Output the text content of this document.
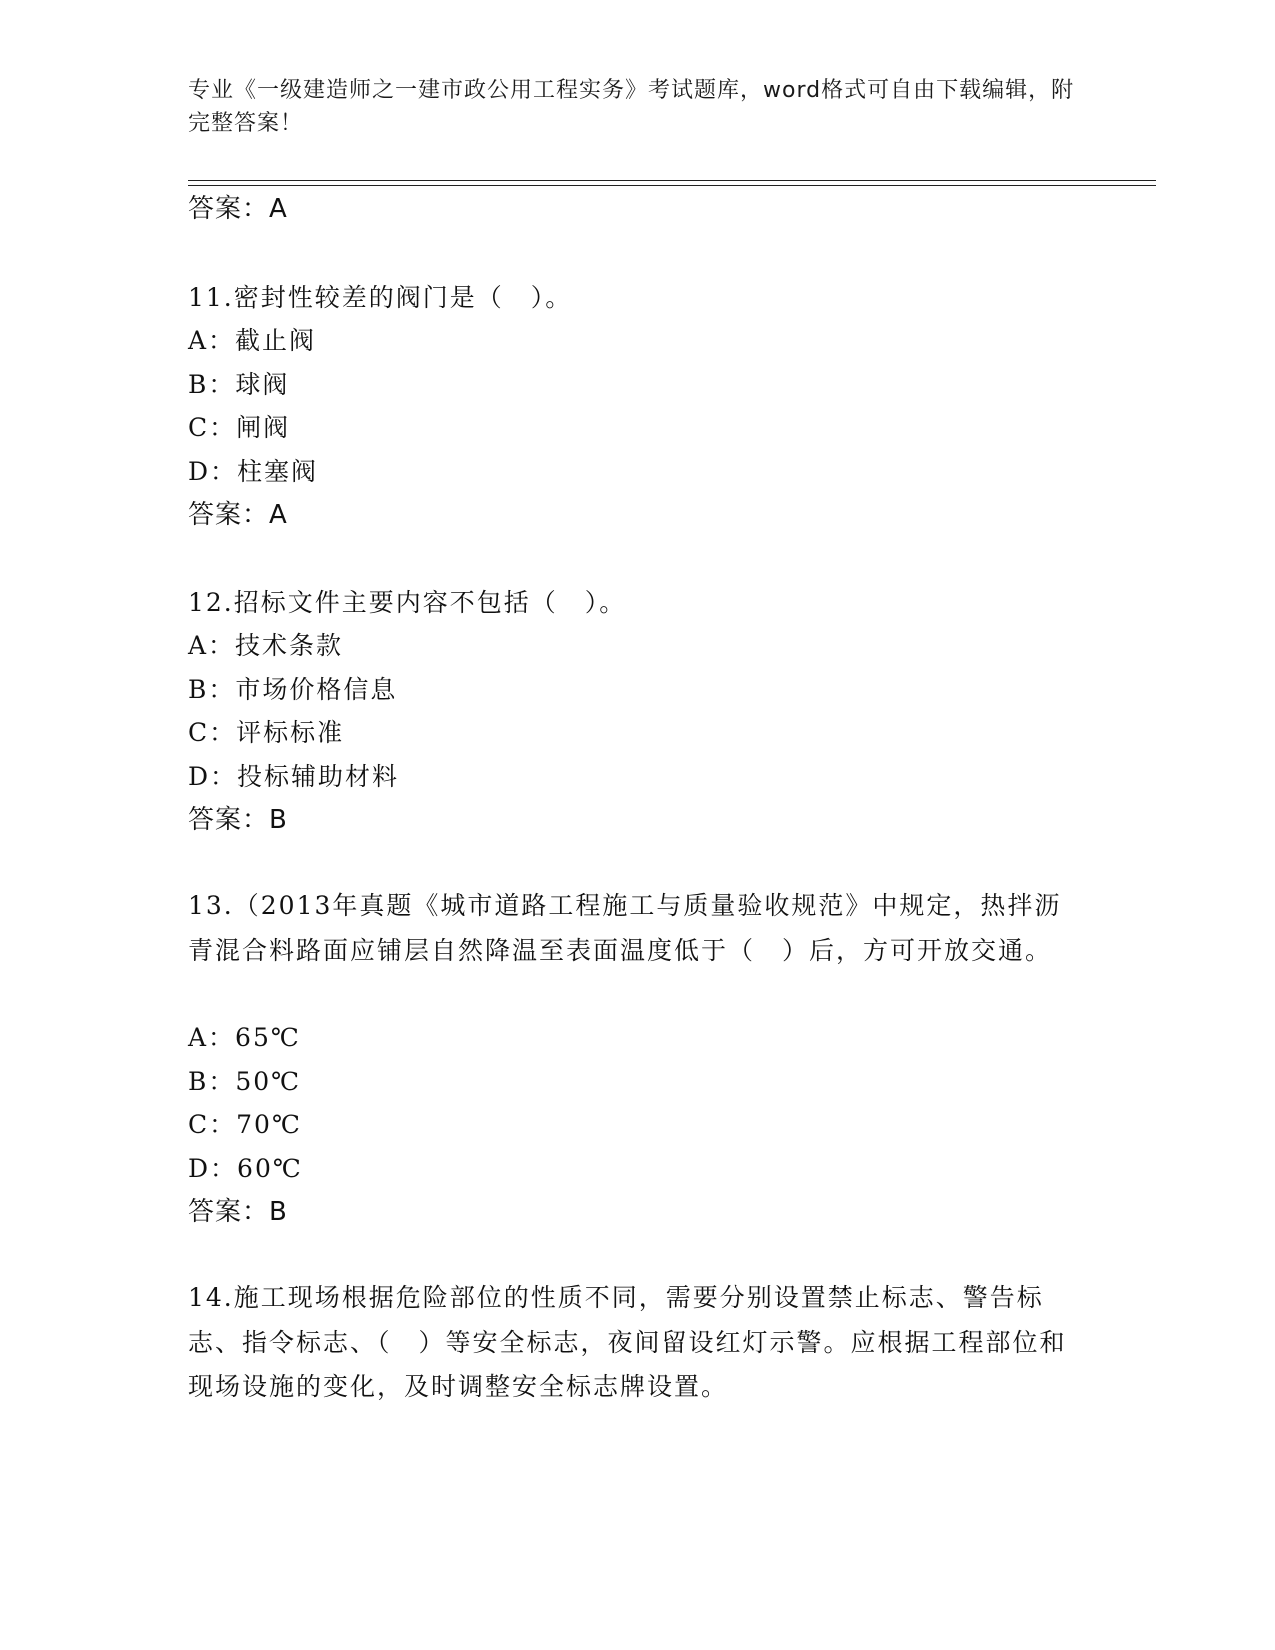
专业《一级建造师之一建市政公用工程实务》考试题库，word格式可自由下载编辑，附完整答案！
答案：A
11.密封性较差的阀门是（　）。
A：截止阀
B：球阀
C：闸阀
D：柱塞阀
答案：A
12.招标文件主要内容不包括（　）。
A：技术条款
B：市场价格信息
C：评标标准
D：投标辅助材料
答案：B
13.（2013年真题《城市道路工程施工与质量验收规范》中规定，热拌沥青混合料路面应铺层自然降温至表面温度低于（　）后，方可开放交通。
A：65℃
B：50℃
C：70℃
D：60℃
答案：B
14.施工现场根据危险部位的性质不同，需要分别设置禁止标志、警告标志、指令标志、（　）等安全标志，夜间留设红灯示警。应根据工程部位和现场设施的变化，及时调整安全标志牌设置。
